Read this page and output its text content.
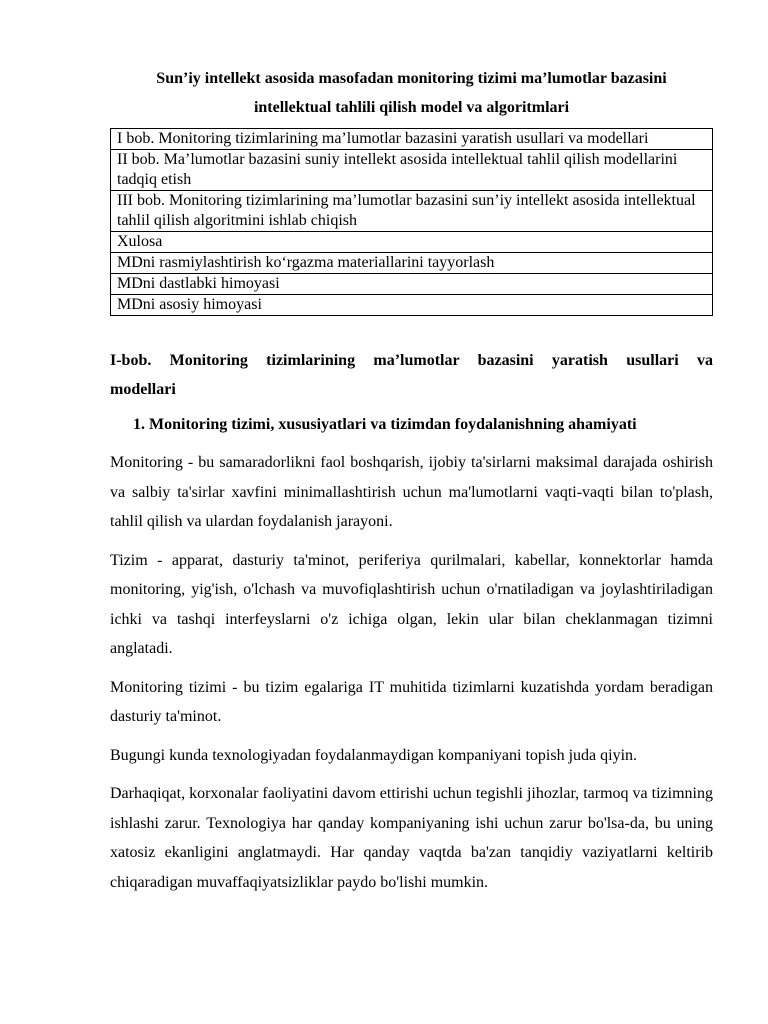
Sun’iy intellekt asosida masofadan monitoring tizimi ma’lumotlar bazasini
intellektual tahlili qilish model va algoritmlari

I bob. Monitoring tizimlarining ma’lumotlar bazasini yaratish usullari va modellari
II bob. Ma’lumotlar bazasini suniy intellekt asosida intellektual tahlil qilish modellarini tadqiq etish
III bob. Monitoring tizimlarining ma’lumotlar bazasini sun’iy intellekt asosida intellektual tahlil qilish algoritmini ishlab chiqish
Xulosa
MDni rasmiylashtirish ko‘rgazma materiallarini tayyorlash
MDni dastlabki himoyasi
MDni asosiy himoyasi

I-bob. Monitoring tizimlarining ma’lumotlar bazasini yaratish usullari va
modellari

1. Monitoring tizimi, xususiyatlari va tizimdan foydalanishning ahamiyati

Monitoring - bu samaradorlikni faol boshqarish, ijobiy ta'sirlarni maksimal darajada oshirish va salbiy ta'sirlar xavfini minimallashtirish uchun ma'lumotlarni vaqti-vaqti bilan to'plash, tahlil qilish va ulardan foydalanish jarayoni.

Tizim - apparat, dasturiy ta'minot, periferiya qurilmalari, kabellar, konnektorlar hamda monitoring, yig'ish, o'lchash va muvofiqlashtirish uchun o'rnatiladigan va joylashtiriladigan ichki va tashqi interfeyslarni o'z ichiga olgan, lekin ular bilan cheklanmagan tizimni anglatadi.

Monitoring tizimi - bu tizim egalariga IT muhitida tizimlarni kuzatishda yordam beradigan dasturiy ta'minot.

Bugungi kunda texnologiyadan foydalanmaydigan kompaniyani topish juda qiyin.

Darhaqiqat, korxonalar faoliyatini davom ettirishi uchun tegishli jihozlar, tarmoq va tizimning ishlashi zarur. Texnologiya har qanday kompaniyaning ishi uchun zarur bo'lsa-da, bu uning xatosiz ekanligini anglatmaydi. Har qanday vaqtda ba'zan tanqidiy vaziyatlarni keltirib chiqaradigan muvaffaqiyatsizliklar paydo bo'lishi mumkin.
